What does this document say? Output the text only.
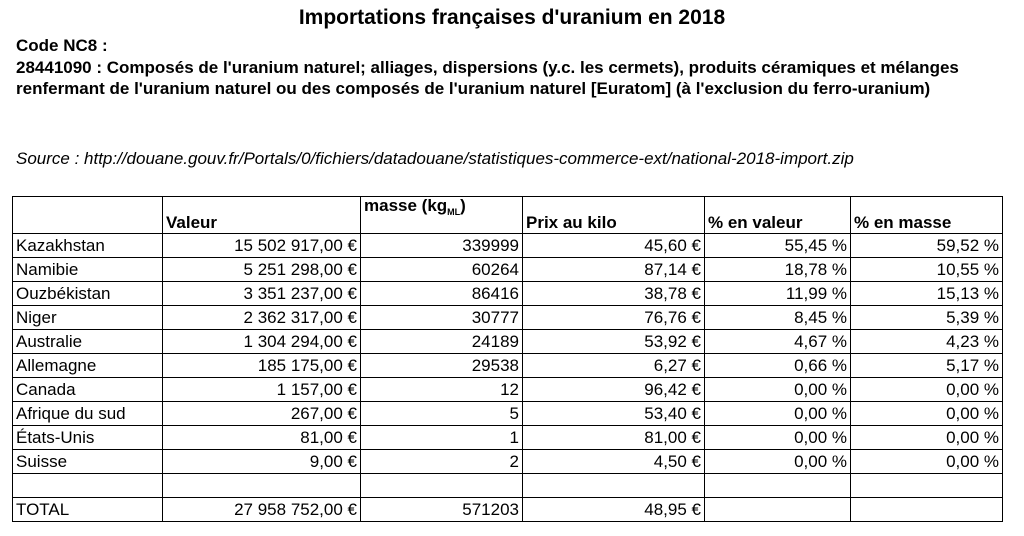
Importations françaises d'uranium en 2018
Code NC8 :
28441090 : Composés de l'uranium naturel; alliages, dispersions (y.c. les cermets), produits céramiques et mélanges renfermant de l'uranium naturel ou des composés de l'uranium naturel [Euratom] (à l'exclusion du ferro-uranium)
Source : http://douane.gouv.fr/Portals/0/fichiers/datadouane/statistiques-commerce-ext/national-2018-import.zip
	Valeur	masse $(kg_{ML})$	Prix au kilo	% en valeur	% en masse
Kazakhstan	15 502 917,00 €	339999	45,60 €	55,45 %	59,52 %
Namibie	5 251 298,00 €	60264	87,14 €	18,78 %	10,55 %
Ouzbékistan	3 351 237,00 €	86416	38,78 €	11,99 %	15,13 %
Niger	2 362 317,00 €	30777	76,76 €	8,45 %	5,39 %
Australie	1 304 294,00 €	24189	53,92 €	4,67 %	4,23 %
Allemagne	185 175,00 €	29538	6,27 €	0,66 %	5,17 %
Canada	1 157,00 €	12	96,42 €	0,00 %	0,00 %
Afrique du sud	267,00 €	5	53,40 €	0,00 %	0,00 %
États-Unis	81,00 €	1	81,00 €	0,00 %	0,00 %
Suisse	9,00 €	2	4,50 €	0,00 %	0,00 %

TOTAL	27 958 752,00 €	571203	48,95 €		
